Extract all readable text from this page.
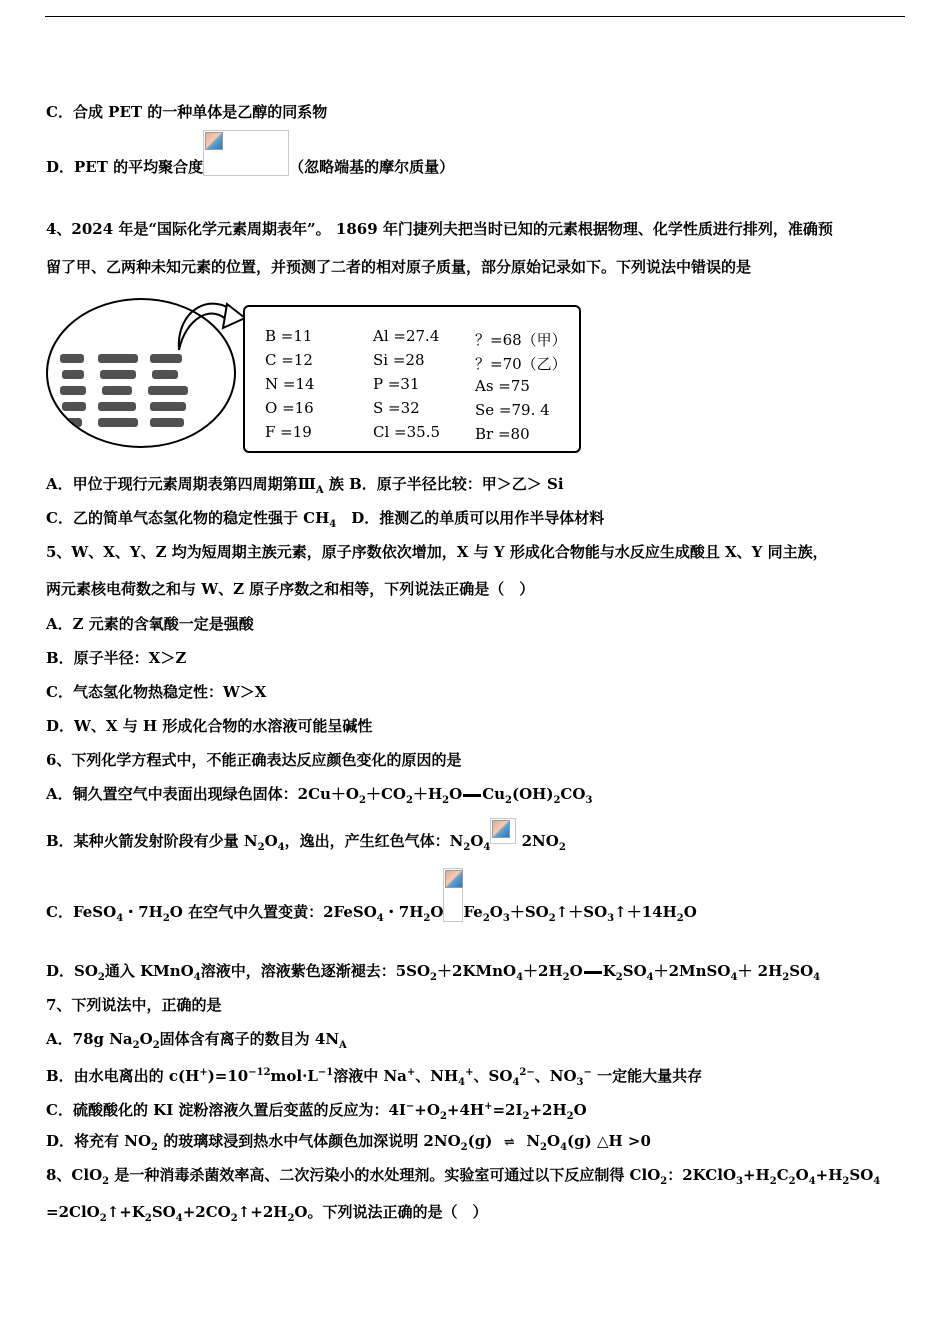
C．合成 PET 的一种单体是乙醇的同系物
D．PET 的平均聚合度	（忽略端基的摩尔质量）
4、2024 年是“国际化学元素周期表年”。 1869 年门捷列夫把当时已知的元素根据物理、化学性质进行排列，准确预
留了甲、乙两种未知元素的位置，并预测了二者的相对原子质量，部分原始记录如下。下列说法中错误的是
B =11
C =12
N =14
O =16
F =19
Al =27.4
Si =28
P =31
S =32
Cl =35.5
？=68（甲）
？=70（乙）
As =75
Se =79. 4
Br =80
A．甲位于现行元素周期表第四周期第$Ⅲ_A$ 族 B．原子半径比较：甲＞乙＞ Si
C．乙的简单气态氢化物的稳定性强于 $CH_4$　D．推测乙的单质可以用作半导体材料
5、W、X、Y、Z 均为短周期主族元素，原子序数依次增加，X 与 Y 形成化合物能与水反应生成酸且 X、Y 同主族，
两元素核电荷数之和与 W、Z 原子序数之和相等，下列说法正确是（　）
A．Z 元素的含氧酸一定是强酸
B．原子半径：X＞Z
C．气态氢化物热稳定性：W＞X
D．W、X 与 H 形成化合物的水溶液可能呈碱性
6、下列化学方程式中，不能正确表达反应颜色变化的原因的是
A．铜久置空气中表面出现绿色固体：$2Cu+O_2+CO_2+H_2O$ $Cu_2(OH)_2CO_3$
B．某种火箭发射阶段有少量 $N_2O_4$，逸出，产生红色气体：$N_2O_4$ $2NO_2$
C．FeSO$_4$・$7H_2O$ 在空气中久置变黄：2FeSO$_4$・$7H_2O$ $Fe_2O_3+SO_2↑+SO_3↑+14H_2O$
D．$SO_2$通入 KMnO$_4$溶液中，溶液紫色逐渐褪去：$5SO_2+2KMnO_4+2H_2O$ $K_2SO_4+2MnSO_4+ 2H_2SO_4$
7、下列说法中，正确的是
A．78g $Na_2O_2$固体含有离子的数目为 $4N_A$
B．由水电离出的 $c(H^+)=10^{-12}mol\cdot L^{-1}$溶液中 Na+、$NH_4^+$、$SO_4^{2-}$、$NO_3^-$ 一定能大量共存
C．硫酸酸化的 KI 淀粉溶液久置后变蓝的反应为：$4I^-+O_2+4H^+=2I_2+2H_2O$
D．将充有 $NO_2$ 的玻璃球浸到热水中气体颜色加深说明 $2NO_2(g)$ ⇌ $N_2O_4(g)$ △H >0
8、ClO$_2$ 是一种消毒杀菌效率高、二次污染小的水处理剂。实验室可通过以下反应制得 ClO$_2$：$2KClO_3+H_2C_2O_4+H_2SO_4$
$=2ClO_2↑+K_2SO_4+2CO_2↑+2H_2O$。下列说法正确的是（　）
